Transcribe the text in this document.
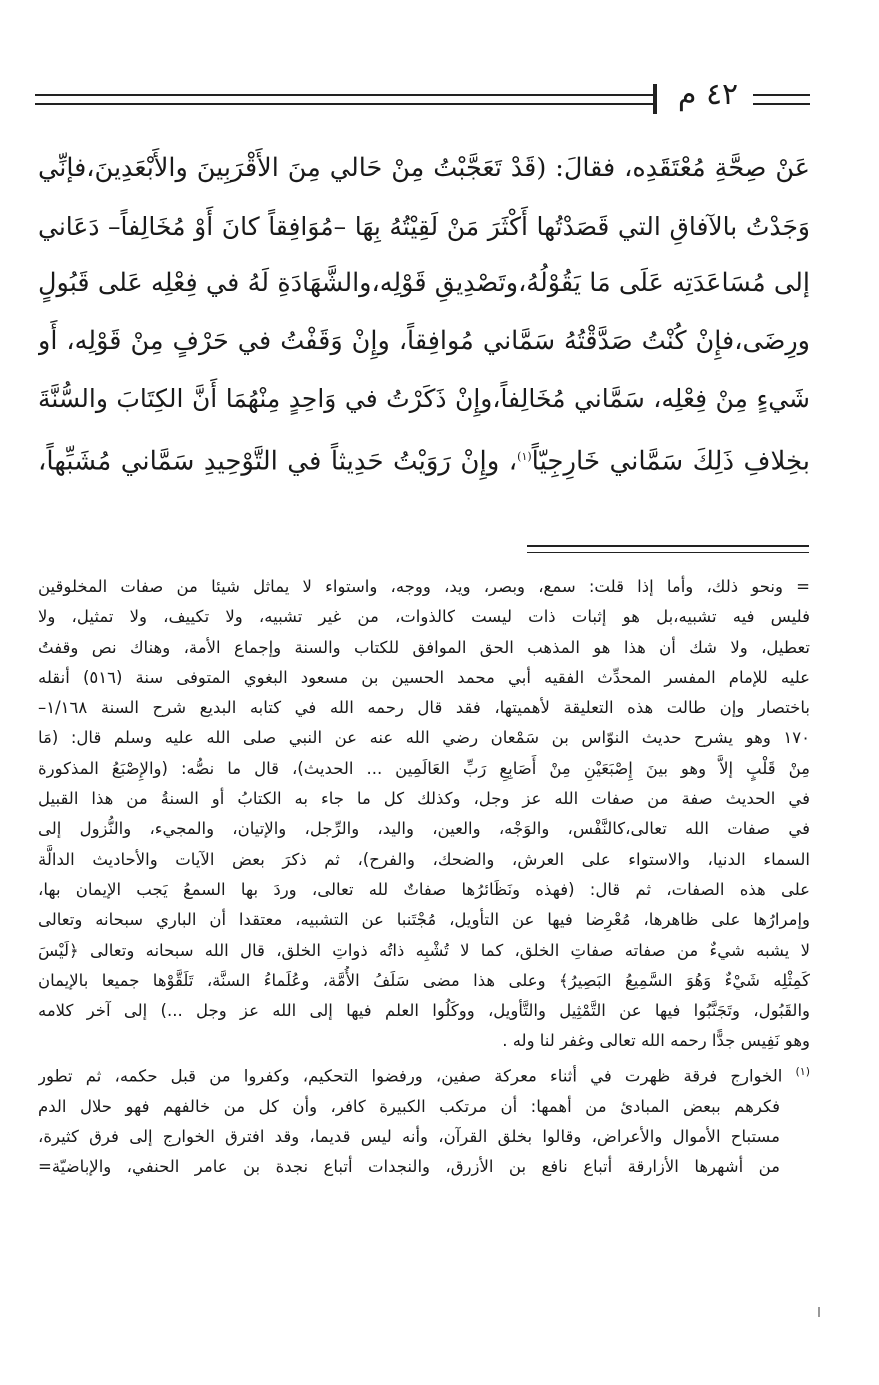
٤٢ م
عَنْ صِحَّةِ مُعْتَقَدِه، فقالَ: (قَدْ تَعَجَّبْتُ مِنْ حَالي مِنَ الأَقْرَبِينَ والأَبْعَدِينَ،فإنِّي
وَجَدْتُ بالآفاقِ التي قَصَدْتُها أَكْثَرَ مَنْ لَقِيْتُهُ بِهَا –مُوَافِقاً كانَ أَوْ مُخَالِفاً– دَعَاني
إلى مُسَاعَدَتِه عَلَى مَا يَقُوْلُهُ،وتَصْدِيقِ قَوْلِه،والشَّهَادَةِ لَهُ في فِعْلِه عَلى قَبُولٍ
ورِضَى،فإِنْ كُنْتُ صَدَّقْتُهُ سَمَّاني مُوافِقاً، وإِنْ وَقَفْتُ في حَرْفٍ مِنْ قَوْلِه، أَو
شَيءٍ مِنْ فِعْلِه، سَمَّاني مُخَالِفاً،وإِنْ ذَكَرْتُ في وَاحِدٍ مِنْهُمَا أَنَّ الكِتَابَ والسُّنَّةَ
بخِلافِ ذَلِكَ سَمَّاني خَارِجِيّاً$^{(١)}$، وإِنْ رَوَيْتُ حَدِيثاً في التَّوْحِيدِ سَمَّاني مُشَبِّهاً،
= ونحو ذلك، وأما إذا قلت: سمع، وبصر، ويد، ووجه، واستواء لا يماثل شيئا من صفات المخلوقين
فليس فيه تشبيه،بل هو إثبات ذات ليست كالذوات، من غير تشبيه، ولا تكييف، ولا تمثيل، ولا
تعطيل، ولا شك أن هذا هو المذهب الحق الموافق للكتاب والسنة وإجماع الأمة، وهناك نص وقفتُ
عليه للإمام المفسر المحدِّث الفقيه أبي محمد الحسين بن مسعود البغوي المتوفى سنة (٥١٦) أنقله
باختصار وإن طالت هذه التعليقة لأهميتها، فقد قال رحمه الله في كتابه البديع شرح السنة ١/١٦٨–
١٧٠ وهو يشرح حديث النوّاس بن سَمْعان رضي الله عنه عن النبي صلى الله عليه وسلم قال: (مَا
مِنْ قَلْبٍ إلاَّ وهو بينَ إِصْبَعَيْنِ مِنْ أَصَابِعِ رَبِّ العَالَمِين ... الحديث)، قال ما نصُّه: (والإِصْبَعُ المذكورة
في الحديث صفة من صفات الله عز وجل، وكذلك كل ما جاء به الكتابُ أو السنةُ من هذا القبيل
في صفات الله تعالى،كالنَّفْس، والوَجْه، والعين، واليد، والرِّجل، والإتيان، والمجيء، والنُّزول إلى
السماء الدنيا، والاستواء على العرش، والضحك، والفرح)، ثم ذكرَ بعض الآيات والأحاديث الدالَّة
على هذه الصفات، ثم قال: (فهذه ونَظَائرُها صفاتٌ لله تعالى، وردَ بها السمعُ يَجب الإيمان بها،
وإمرارُها على ظاهرها، مُعْرِضا فيها عن التأويل، مُجْتَنبا عن التشبيه، معتقدا أن الباري سبحانه وتعالى
لا يشبه شيءٌ من صفاته صفاتِ الخلق، كما لا تُشْبِه ذاتُه ذواتِ الخلق، قال الله سبحانه وتعالى ﴿لَيْسَ
كَمِثْلِه شَيْءٌ وَهُوَ السَّمِيعُ البَصِيرُ﴾ وعلى هذا مضى سَلَفُ الأُمَّة، وعُلَماءُ السنَّة، تَلَقَّوْها جميعا بالإيمان
والقَبُول، وتَجَنَّبُوا فيها عن التَّمْثِيل والتَّأويل، ووكَلُوا العلم فيها إلى الله عز وجل ...) إلى آخر كلامه
وهو نَفِيس جدًّا رحمه الله تعالى وغفر لنا وله .
$^{(١)}$ الخوارج فرقة ظهرت في أثناء معركة صفين، ورفضوا التحكيم، وكفروا من قبل حكمه، ثم تطور
فكرهم ببعض المبادئ من أهمها: أن مرتكب الكبيرة كافر، وأن كل من خالفهم فهو حلال الدم
مستباح الأموال والأعراض، وقالوا بخلق القرآن، وأنه ليس قديما، وقد افترق الخوارج إلى فرق كثيرة،
من أشهرها الأزارقة أتباع نافع بن الأزرق، والنجدات أتباع نجدة بن عامر الحنفي، والإباضيّة=
